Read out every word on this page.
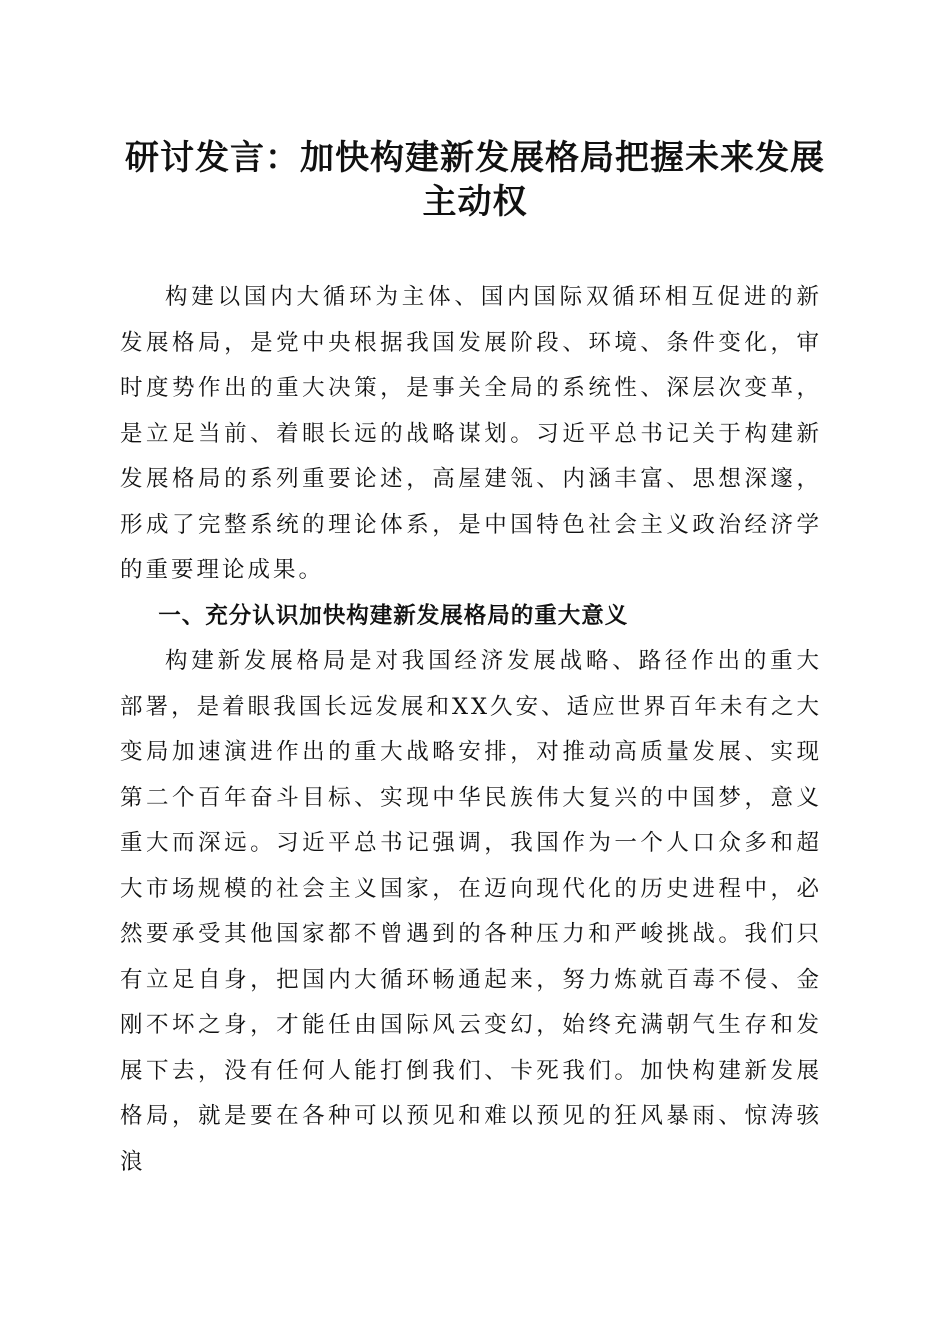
研讨发言：加快构建新发展格局把握未来发展
主动权

构建以国内大循环为主体、国内国际双循环相互促进的新发展格局，是党中央根据我国发展阶段、环境、条件变化，审时度势作出的重大决策，是事关全局的系统性、深层次变革，是立足当前、着眼长远的战略谋划。习近平总书记关于构建新发展格局的系列重要论述，高屋建瓴、内涵丰富、思想深邃，形成了完整系统的理论体系，是中国特色社会主义政治经济学的重要理论成果。

一、充分认识加快构建新发展格局的重大意义

构建新发展格局是对我国经济发展战略、路径作出的重大部署，是着眼我国长远发展和XX久安、适应世界百年未有之大变局加速演进作出的重大战略安排，对推动高质量发展、实现第二个百年奋斗目标、实现中华民族伟大复兴的中国梦，意义重大而深远。习近平总书记强调，我国作为一个人口众多和超大市场规模的社会主义国家，在迈向现代化的历史进程中，必然要承受其他国家都不曾遇到的各种压力和严峻挑战。我们只有立足自身，把国内大循环畅通起来，努力炼就百毒不侵、金刚不坏之身，才能任由国际风云变幻，始终充满朝气生存和发展下去，没有任何人能打倒我们、卡死我们。加快构建新发展格局，就是要在各种可以预见和难以预见的狂风暴雨、惊涛骇浪
